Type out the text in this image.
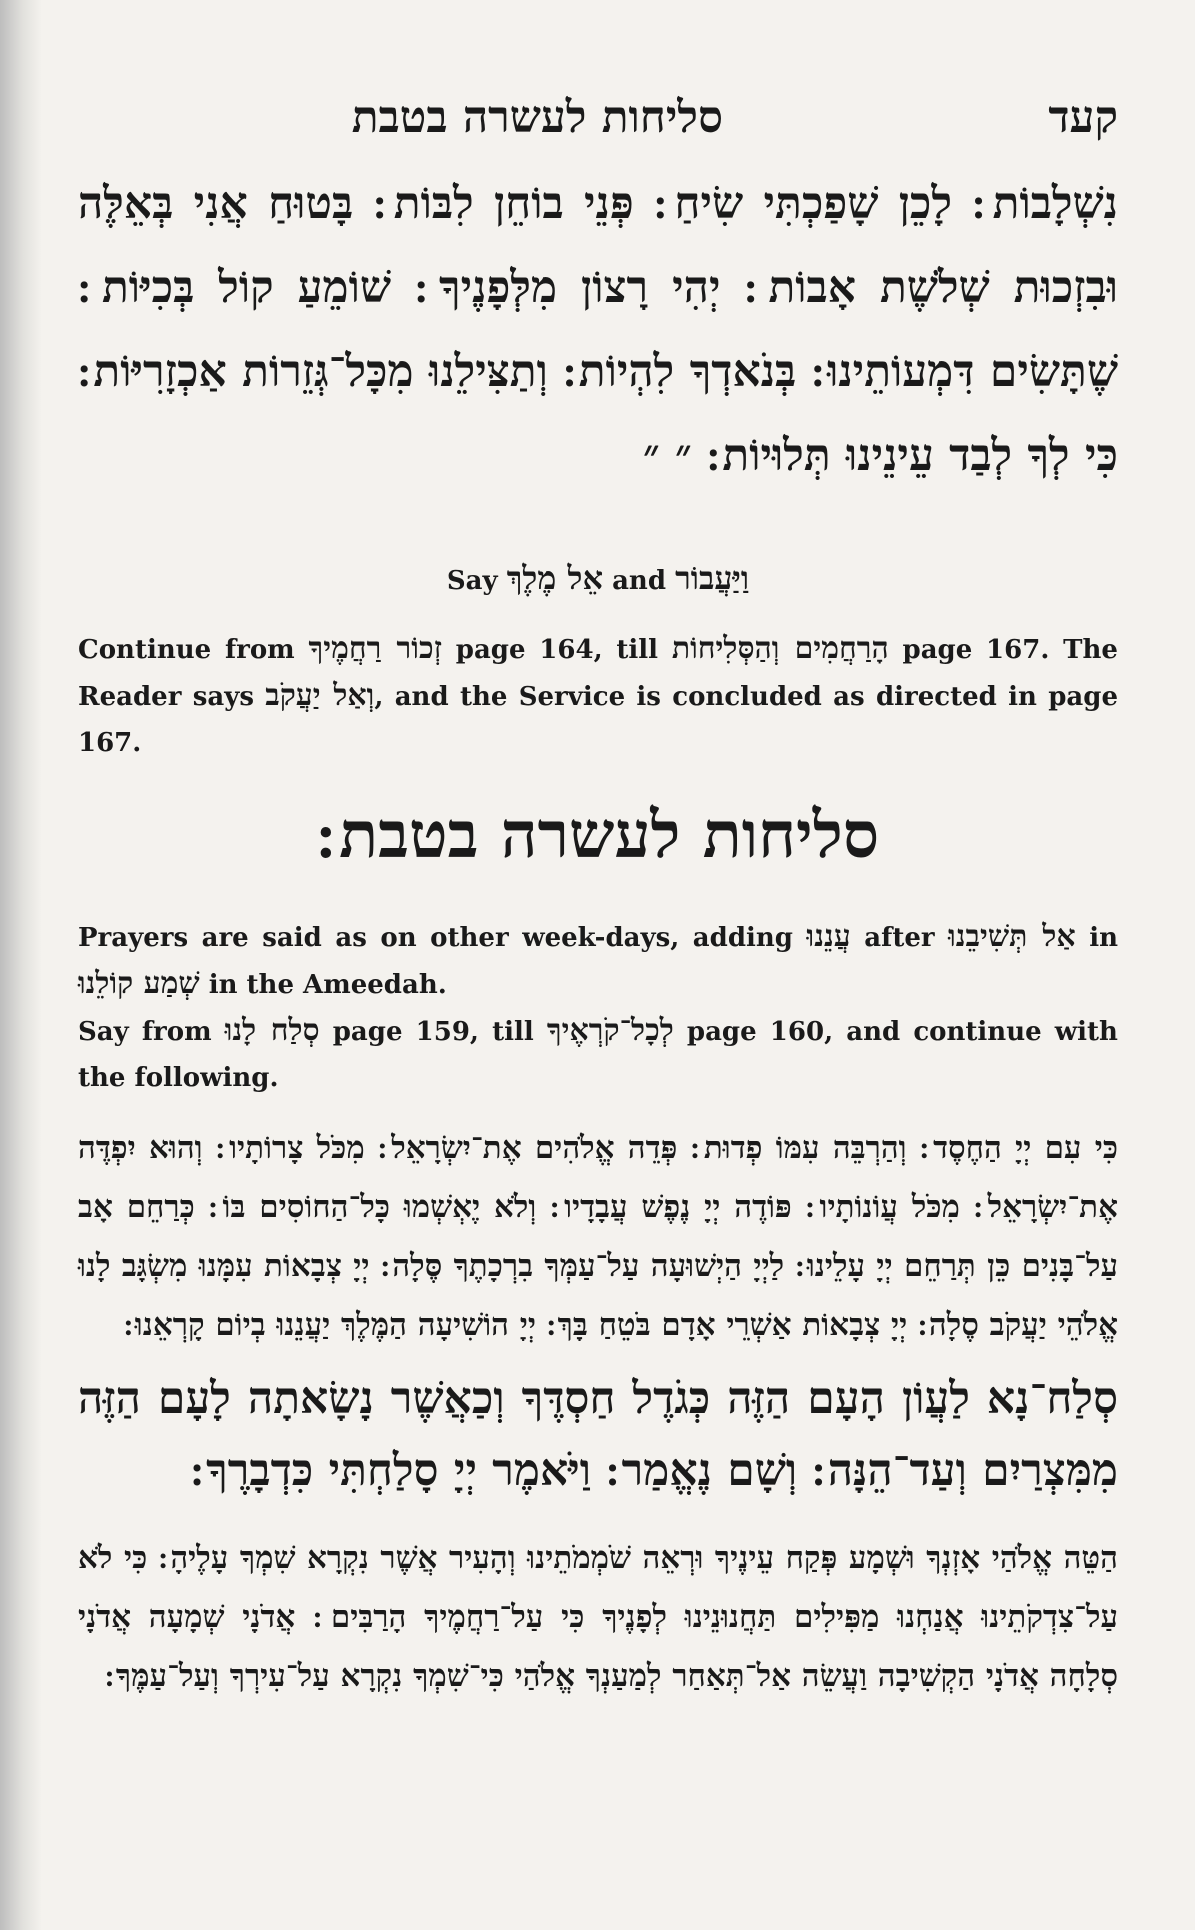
קעד
סליחות לעשרה בטבת

נִשְׁלָבוֹת ׃ לָכֵן שָׁפַכְתִּי שִׂיחַ ׃ פְּנֵי בוֹחֵן לִבּוֹת ׃ בָּטוּחַ אֲנִי בְּאֵלֶּה וּבִזְכוּת שְׁלֹשֶׁת אָבוֹת ׃ יְהִי רָצוֹן מִלְּפָנֶיךָ ׃ שׁוֹמֵעַ קוֹל בְּכִיּוֹת ׃ שֶׁתָּשִׂים דִּמְעוֹתֵינוּ ׃ בְּנֹאדְךָ לִהְיוֹת ׃ וְתַצִּילֵנוּ מִכָּל־גְּזֵרוֹת אַכְזָרִיּוֹת ׃ כִּי לְךָ לְבַד עֵינֵינוּ תְּלוּיוֹת ׃ ״ ״

Say אֵל מֶלֶךְ and וַיַּעֲבוֹר

Continue from זְכוֹר רַחֲמֶיךָ page 164, till הָרַחֲמִים וְהַסְּלִיחוֹת page 167. The Reader says וְאַל יַעֲקֹב, and the Service is concluded as directed in page 167.

סליחות לעשרה בטבת ׃

Prayers are said as on other week-days, adding עֲנֵנוּ after אַל תְּשִׁיבֵנוּ in שְׁמַע קוֹלֵנוּ in the Ameedah.

Say from סְלַח לָנוּ page 159, till לְכָל־קֹרְאֶיךָ page 160, and continue with the following.

כִּי עִם יְיָ הַחֶסֶד ׃ וְהַרְבֵּה עִמּוֹ פְדוּת ׃ פְּדֵה אֱלֹהִים אֶת־יִשְׂרָאֵל ׃ מִכֹּל צָרוֹתָיו ׃ וְהוּא יִפְדֶּה אֶת־יִשְׂרָאֵל ׃ מִכֹּל עֲוֹנוֹתָיו ׃ פּוֹדֶה יְיָ נֶפֶשׁ עֲבָדָיו ׃ וְלֹא יֶאְשְׁמוּ כָּל־הַחוֹסִים בּוֹ ׃ כְּרַחֵם אָב עַל־בָּנִים כֵּן תְּרַחֵם יְיָ עָלֵינוּ ׃ לַיְיָ הַיְשׁוּעָה עַל־עַמְּךָ בִרְכָתֶךָ סֶּלָה ׃ יְיָ צְבָאוֹת עִמָּנוּ מִשְׂגָּב לָנוּ אֱלֹהֵי יַעֲקֹב סֶלָה ׃ יְיָ צְבָאוֹת אַשְׁרֵי אָדָם בֹּטֵחַ בָּךְ ׃ יְיָ הוֹשִׁיעָה הַמֶּלֶךְ יַעֲנֵנוּ בְיוֹם קָרְאֵנוּ ׃

סְלַח־נָא לַעֲוֹן הָעָם הַזֶּה כְּגֹדֶל חַסְדֶּךָ וְכַאֲשֶׁר נָשָׂאתָה לָעָם הַזֶּה מִמִּצְרַיִם וְעַד־הֵנָּה ׃ וְשָׁם נֶאֱמַר ׃ וַיֹּאמֶר יְיָ סָלַחְתִּי כִּדְבָרֶךָ ׃

הַטֵּה אֱלֹהַי אָזְנְךָ וּשְׁמָע פְּקַח עֵינֶיךָ וּרְאֵה שֹׁמְמֹתֵינוּ וְהָעִיר אֲשֶׁר נִקְרָא שִׁמְךָ עָלֶיהָ ׃ כִּי לֹא עַל־צִדְקֹתֵינוּ אֲנַחְנוּ מַפִּילִים תַּחֲנוּנֵינוּ לְפָנֶיךָ כִּי עַל־רַחֲמֶיךָ הָרַבִּים ׃ אֲדֹנָי שְׁמָעָה אֲדֹנָי סְלָחָה אֲדֹנָי הַקְשִׁיבָה וַעֲשֵׂה אַל־תְּאַחַר לְמַעַנְךָ אֱלֹהַי כִּי־שִׁמְךָ נִקְרָא עַל־עִירְךָ וְעַל־עַמֶּךָ ׃
